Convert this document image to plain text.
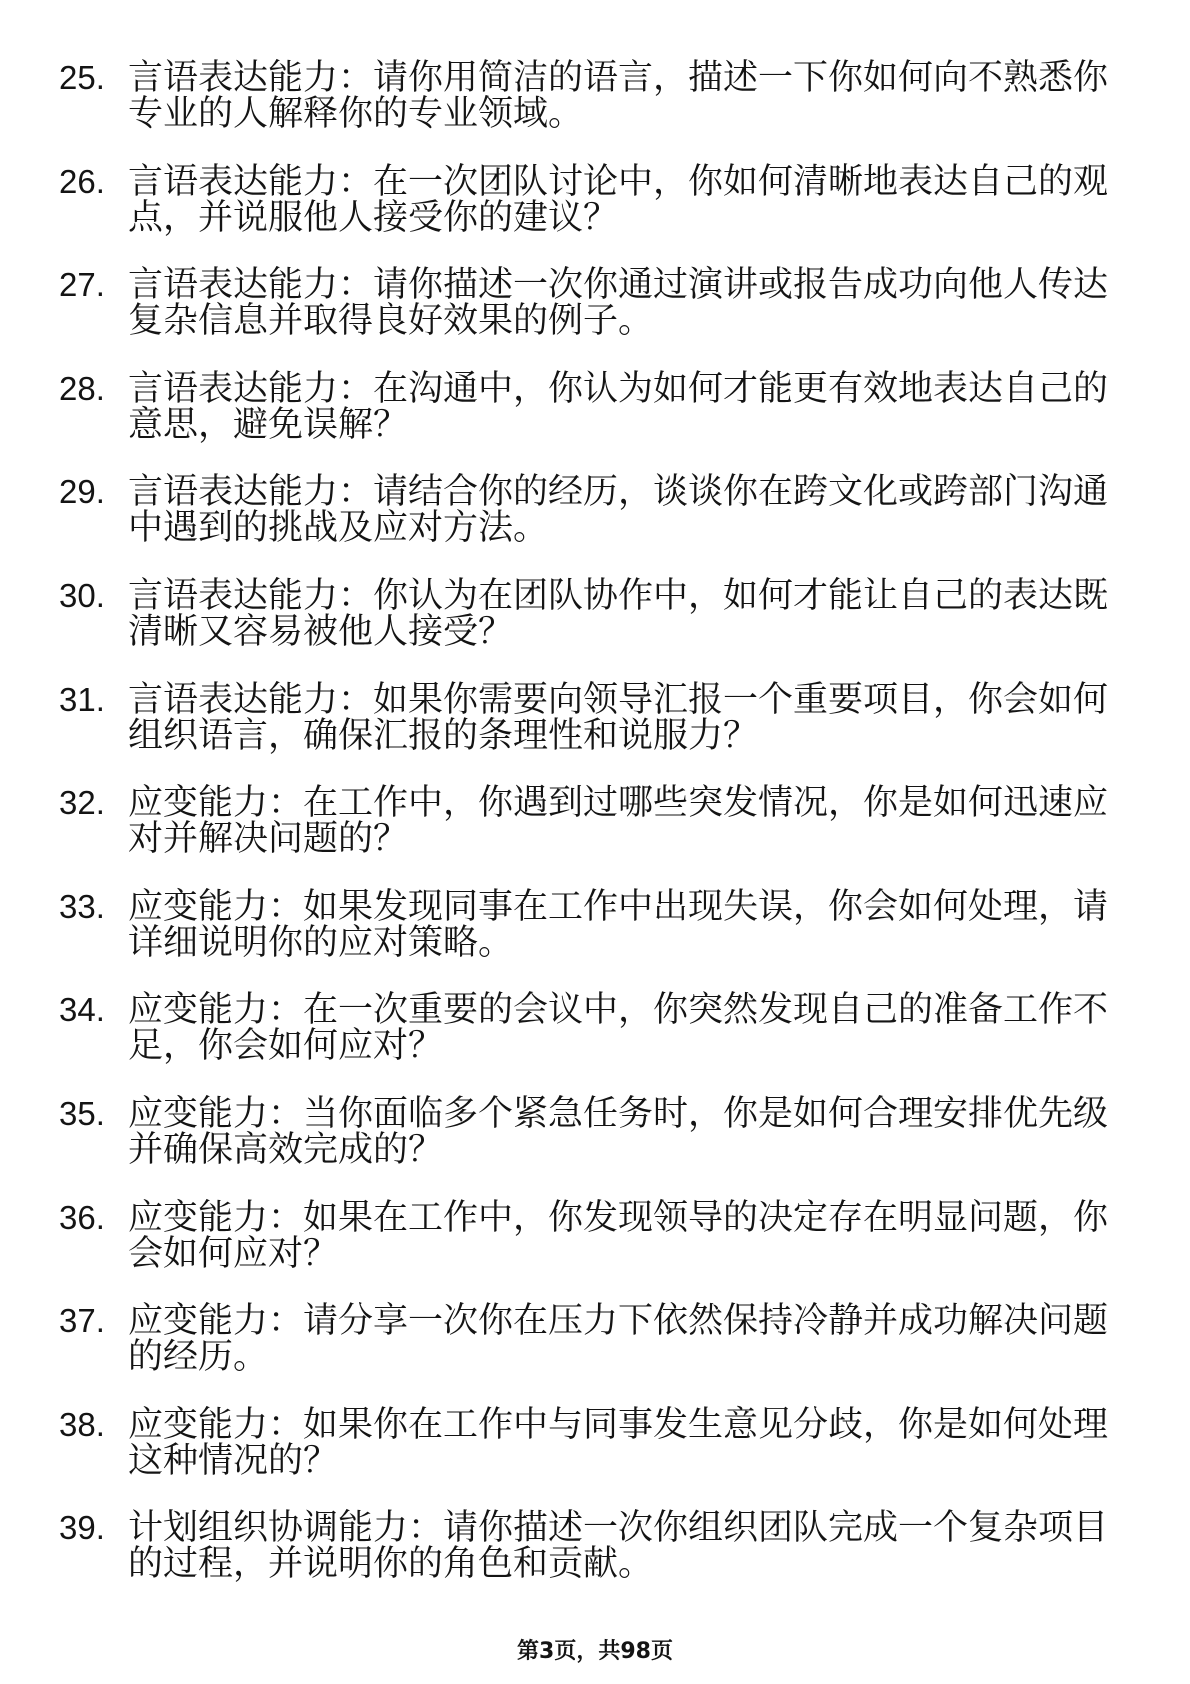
25. 言语表达能力：请你用简洁的语言，描述一下你如何向不熟悉你
专业的人解释你的专业领域。
26. 言语表达能力：在一次团队讨论中，你如何清晰地表达自己的观
点，并说服他人接受你的建议？
27. 言语表达能力：请你描述一次你通过演讲或报告成功向他人传达
复杂信息并取得良好效果的例子。
28. 言语表达能力：在沟通中，你认为如何才能更有效地表达自己的
意思，避免误解？
29. 言语表达能力：请结合你的经历，谈谈你在跨文化或跨部门沟通
中遇到的挑战及应对方法。
30. 言语表达能力：你认为在团队协作中，如何才能让自己的表达既
清晰又容易被他人接受？
31. 言语表达能力：如果你需要向领导汇报一个重要项目，你会如何
组织语言，确保汇报的条理性和说服力？
32. 应变能力：在工作中，你遇到过哪些突发情况，你是如何迅速应
对并解决问题的？
33. 应变能力：如果发现同事在工作中出现失误，你会如何处理，请
详细说明你的应对策略。
34. 应变能力：在一次重要的会议中，你突然发现自己的准备工作不
足，你会如何应对？
35. 应变能力：当你面临多个紧急任务时，你是如何合理安排优先级
并确保高效完成的？
36. 应变能力：如果在工作中，你发现领导的决定存在明显问题，你
会如何应对？
37. 应变能力：请分享一次你在压力下依然保持冷静并成功解决问题
的经历。
38. 应变能力：如果你在工作中与同事发生意见分歧，你是如何处理
这种情况的？
39. 计划组织协调能力：请你描述一次你组织团队完成一个复杂项目
的过程，并说明你的角色和贡献。
第3页，共98页
